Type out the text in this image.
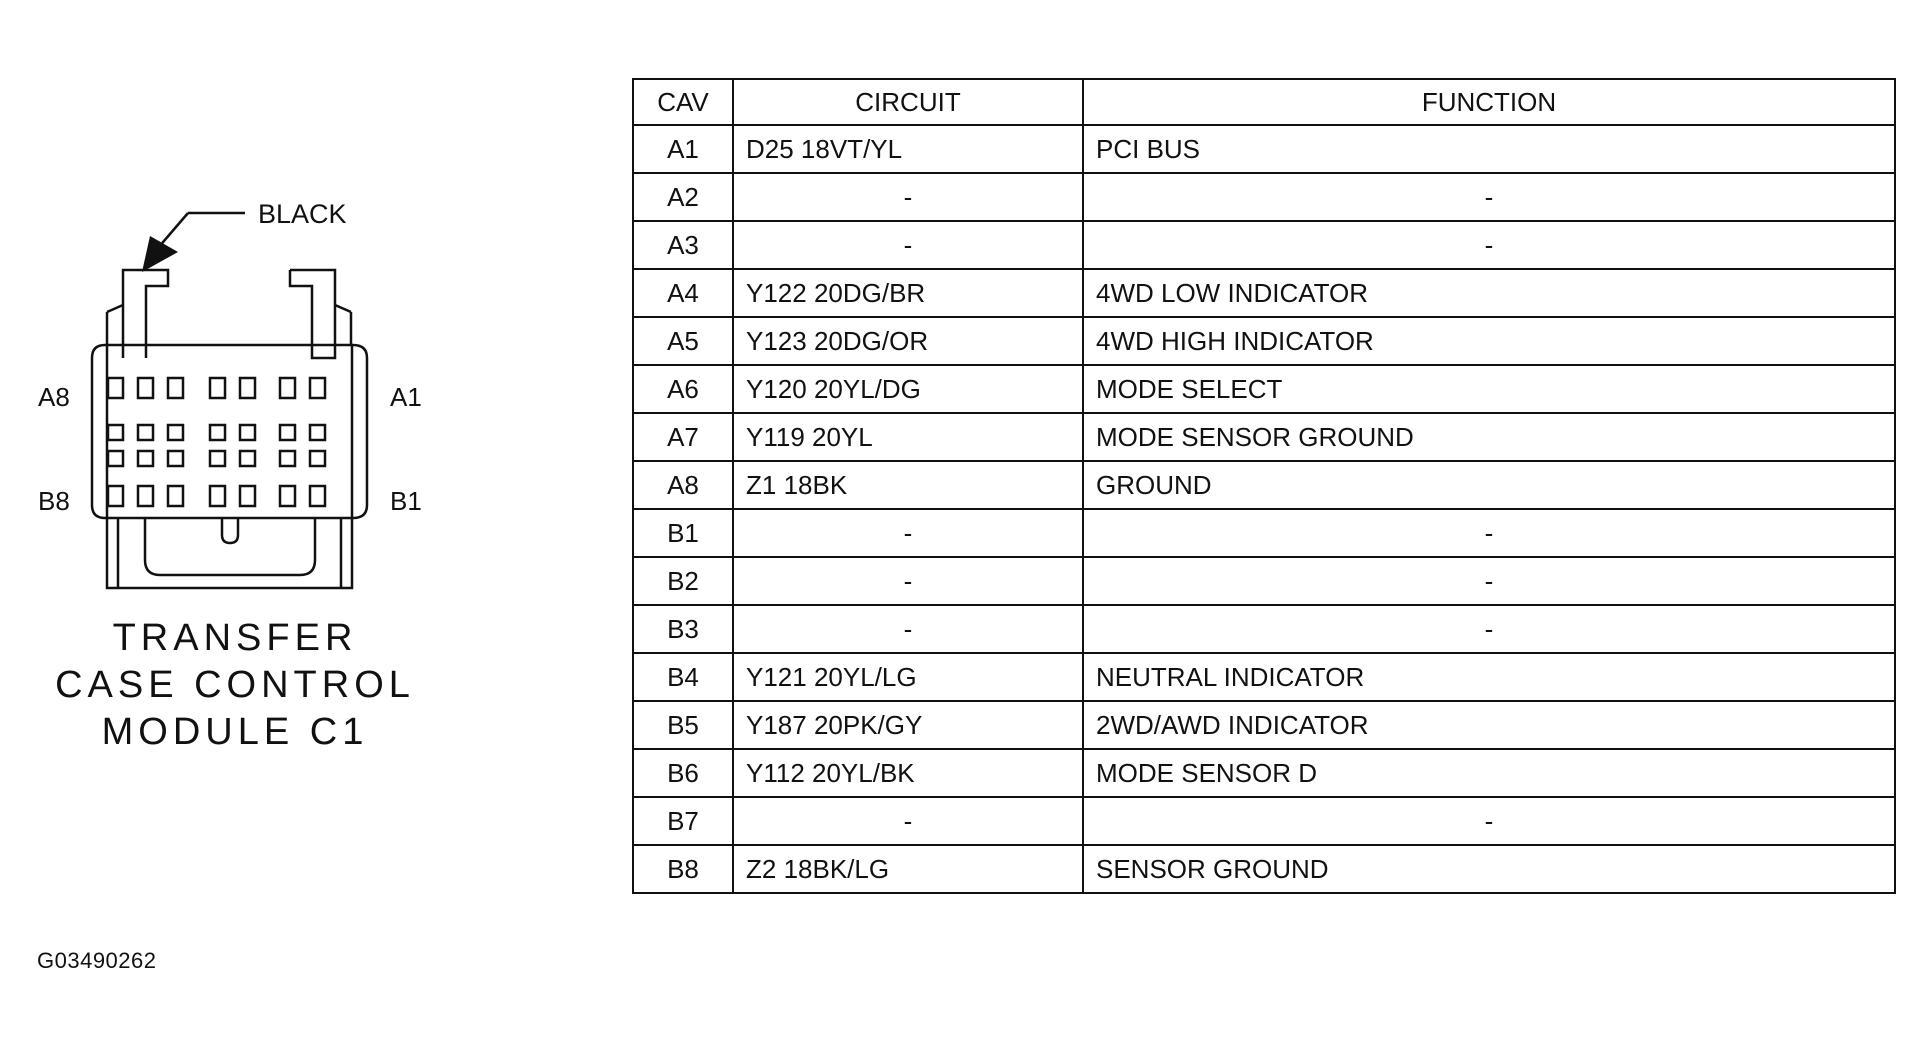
BLACK
A8	A1
B8	B1
TRANSFER
CASE CONTROL
MODULE C1
G03490262
CAV	CIRCUIT	FUNCTION
A1	D25 18VT/YL	PCI BUS
A2	-	-
A3	-	-
A4	Y122 20DG/BR	4WD LOW INDICATOR
A5	Y123 20DG/OR	4WD HIGH INDICATOR
A6	Y120 20YL/DG	MODE SELECT
A7	Y119 20YL	MODE SENSOR GROUND
A8	Z1 18BK	GROUND
B1	-	-
B2	-	-
B3	-	-
B4	Y121 20YL/LG	NEUTRAL INDICATOR
B5	Y187 20PK/GY	2WD/AWD INDICATOR
B6	Y112 20YL/BK	MODE SENSOR D
B7	-	-
B8	Z2 18BK/LG	SENSOR GROUND
